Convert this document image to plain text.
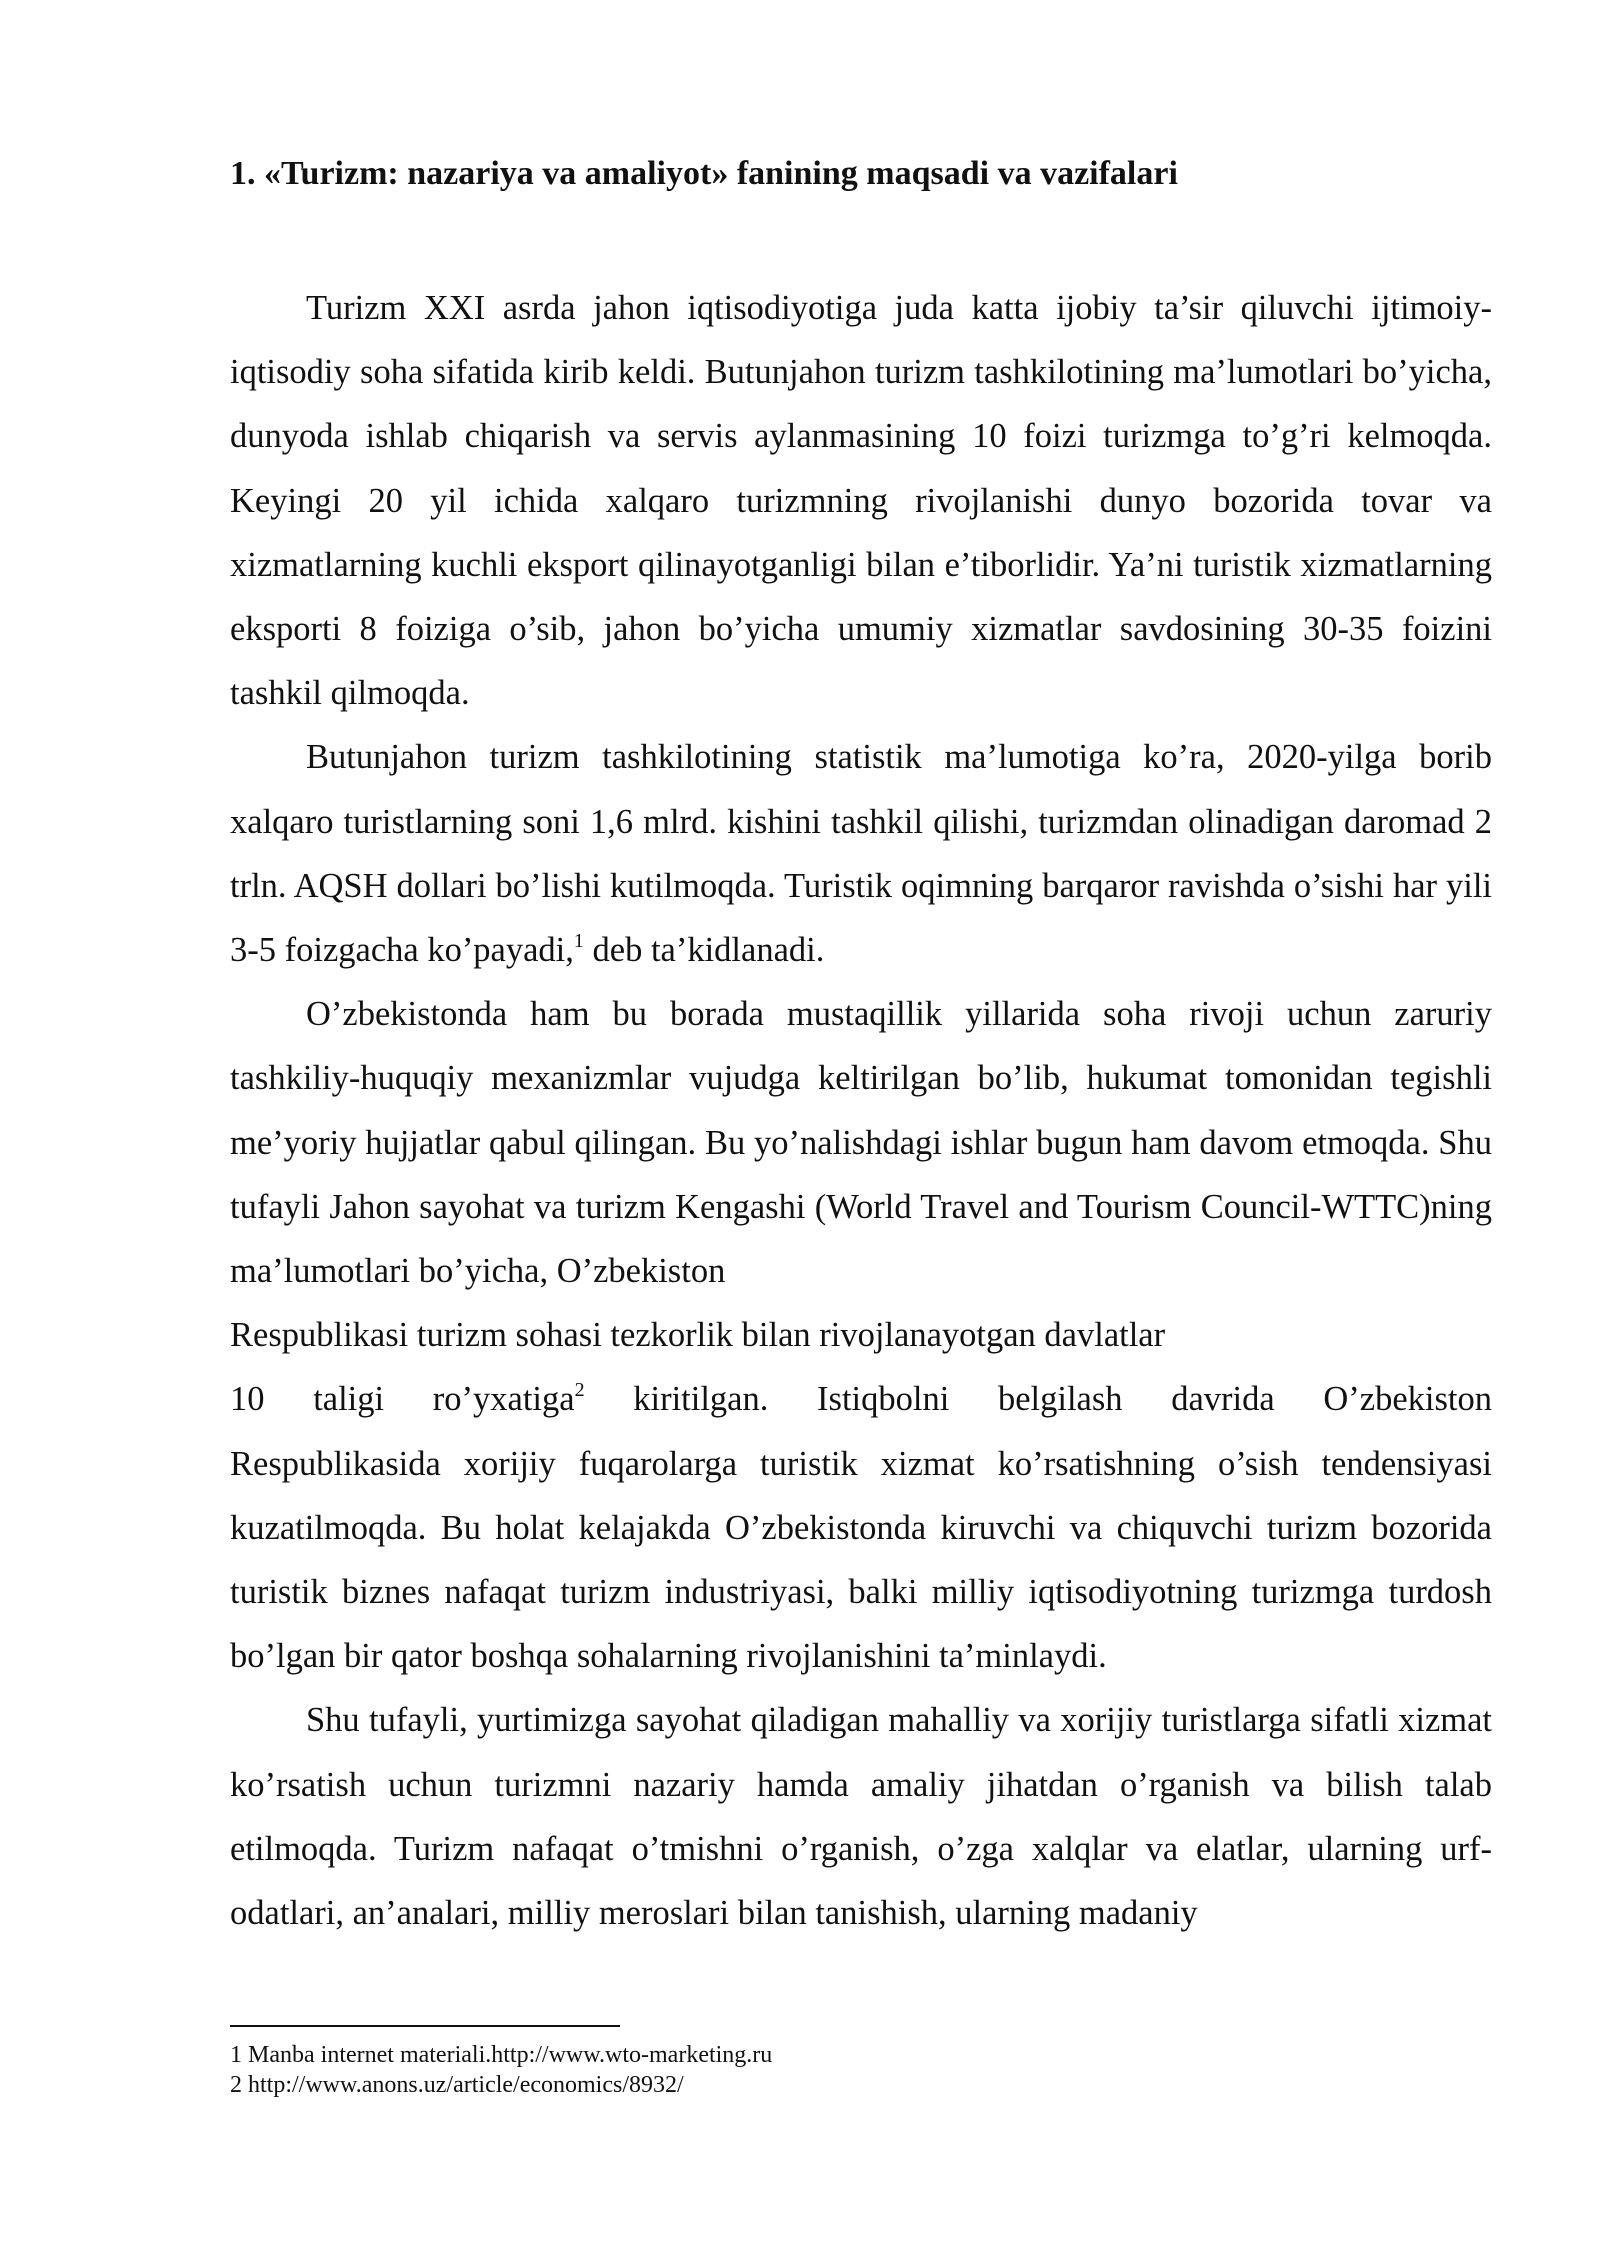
1. «Turizm: nazariya va amaliyot» fanining maqsadi va vazifalari

Turizm XXI asrda jahon iqtisodiyotiga juda katta ijobiy ta’sir qiluvchi ijtimoiy-iqtisodiy soha sifatida kirib keldi. Butunjahon turizm tashkilotining ma’lumotlari bo’yicha, dunyoda ishlab chiqarish va servis aylanmasining 10 foizi turizmga to’g’ri kelmoqda. Keyingi 20 yil ichida xalqaro turizmning rivojlanishi dunyo bozorida tovar va xizmatlarning kuchli eksport qilinayotganligi bilan e’tiborlidir. Ya’ni turistik xizmatlarning eksporti 8 foiziga o’sib, jahon bo’yicha umumiy xizmatlar savdosining 30-35 foizini tashkil qilmoqda.

Butunjahon turizm tashkilotining statistik ma’lumotiga ko’ra, 2020-yilga borib xalqaro turistlarning soni 1,6 mlrd. kishini tashkil qilishi, turizmdan olinadigan daromad 2 trln. AQSH dollari bo’lishi kutilmoqda. Turistik oqimning barqaror ravishda o’sishi har yili 3-5 foizgacha ko’payadi,$^1$ deb ta’kidlanadi.

O’zbekistonda ham bu borada mustaqillik yillarida soha rivoji uchun zaruriy tashkiliy-huquqiy mexanizmlar vujudga keltirilgan bo’lib, hukumat tomonidan tegishli me’yoriy hujjatlar qabul qilingan. Bu yo’nalishdagi ishlar bugun ham davom etmoqda. Shu tufayli Jahon sayohat va turizm Kengashi (World Travel and Tourism Council-WTTC)ning ma’lumotlari bo’yicha, O’zbekiston

Respublikasi turizm sohasi tezkorlik bilan rivojlanayotgan davlatlar
10 taligi ro’yxatiga$^2$ kiritilgan. Istiqbolni belgilash davrida O’zbekiston

Respublikasida xorijiy fuqarolarga turistik xizmat ko’rsatishning o’sish tendensiyasi kuzatilmoqda. Bu holat kelajakda O’zbekistonda kiruvchi va chiquvchi turizm bozorida turistik biznes nafaqat turizm industriyasi, balki milliy iqtisodiyotning turizmga turdosh bo’lgan bir qator boshqa sohalarning rivojlanishini ta’minlaydi.

Shu tufayli, yurtimizga sayohat qiladigan mahalliy va xorijiy turistlarga sifatli xizmat ko’rsatish uchun turizmni nazariy hamda amaliy jihatdan o’rganish va bilish talab etilmoqda. Turizm nafaqat o’tmishni o’rganish, o’zga xalqlar va elatlar, ularning urf-odatlari, an’analari, milliy meroslari bilan tanishish, ularning madaniy

1 Manba internet materiali.http://www.wto-marketing.ru
2 http://www.anons.uz/article/economics/8932/
